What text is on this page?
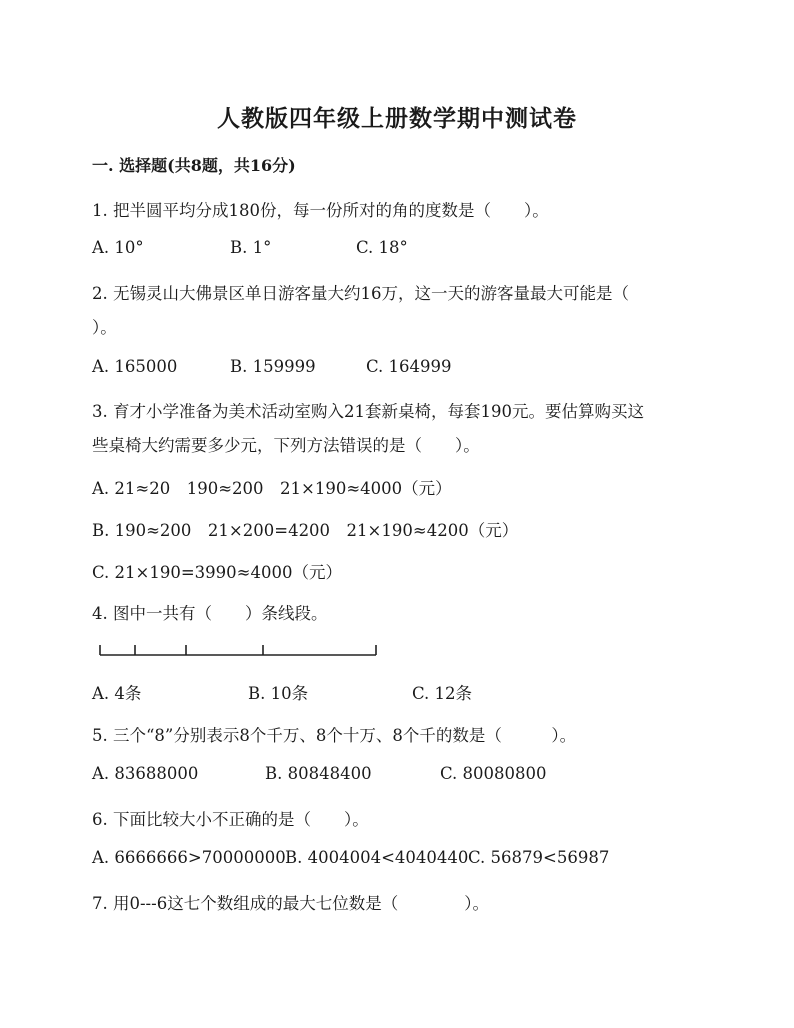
人教版四年级上册数学期中测试卷
一. 选择题(共8题，共16分)
1. 把半圆平均分成180份，每一份所对的角的度数是（　　）。
A. 10°	B. 1°	C. 18°
2. 无锡灵山大佛景区单日游客量大约16万，这一天的游客量最大可能是（
）。
A. 165000	B. 159999	C. 164999
3. 育才小学准备为美术活动室购入21套新桌椅，每套190元。要估算购买这
些桌椅大约需要多少元，下列方法错误的是（　　）。
A. 21≈20　190≈200　21×190≈4000（元）
B. 190≈200　21×200=4200　21×190≈4200（元）
C. 21×190=3990≈4000（元）
4. 图中一共有（　　）条线段。
A. 4条	B. 10条	C. 12条
5. 三个“8”分别表示8个千万、8个十万、8个千的数是（　　　）。
A. 83688000	B. 80848400	C. 80080800
6. 下面比较大小不正确的是（　　）。
A. 6666666>70000000 B. 4004004<4040440 C. 56879<56987
7. 用0---6这七个数组成的最大七位数是（　　　　）。
